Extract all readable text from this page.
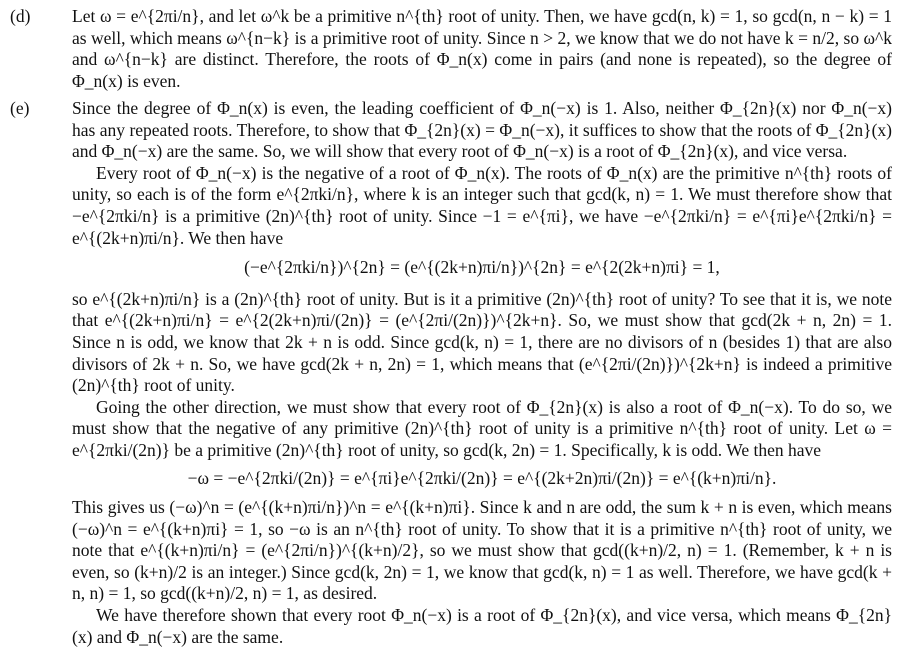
(d) Let ω = e^{2πi/n}, and let ω^k be a primitive n^{th} root of unity. Then, we have gcd(n, k) = 1, so gcd(n, n − k) = 1 as well, which means ω^{n−k} is a primitive root of unity. Since n > 2, we know that we do not have k = n/2, so ω^k and ω^{n−k} are distinct. Therefore, the roots of Φ_n(x) come in pairs (and none is repeated), so the degree of Φ_n(x) is even.

(e) Since the degree of Φ_n(x) is even, the leading coefficient of Φ_n(−x) is 1. Also, neither Φ_{2n}(x) nor Φ_n(−x) has any repeated roots. Therefore, to show that Φ_{2n}(x) = Φ_n(−x), it suffices to show that the roots of Φ_{2n}(x) and Φ_n(−x) are the same. So, we will show that every root of Φ_n(−x) is a root of Φ_{2n}(x), and vice versa.

Every root of Φ_n(−x) is the negative of a root of Φ_n(x). The roots of Φ_n(x) are the primitive n^{th} roots of unity, so each is of the form e^{2πki/n}, where k is an integer such that gcd(k, n) = 1. We must therefore show that −e^{2πki/n} is a primitive (2n)^{th} root of unity. Since −1 = e^{πi}, we have −e^{2πki/n} = e^{πi}e^{2πki/n} = e^{(2k+n)πi/n}. We then have

(−e^{2πki/n})^{2n} = (e^{(2k+n)πi/n})^{2n} = e^{2(2k+n)πi} = 1,

so e^{(2k+n)πi/n} is a (2n)^{th} root of unity. But is it a primitive (2n)^{th} root of unity? To see that it is, we note that e^{(2k+n)πi/n} = e^{2(2k+n)πi/(2n)} = (e^{2πi/(2n)})^{2k+n}. So, we must show that gcd(2k + n, 2n) = 1. Since n is odd, we know that 2k + n is odd. Since gcd(k, n) = 1, there are no divisors of n (besides 1) that are also divisors of 2k + n. So, we have gcd(2k + n, 2n) = 1, which means that (e^{2πi/(2n)})^{2k+n} is indeed a primitive (2n)^{th} root of unity.

Going the other direction, we must show that every root of Φ_{2n}(x) is also a root of Φ_n(−x). To do so, we must show that the negative of any primitive (2n)^{th} root of unity is a primitive n^{th} root of unity. Let ω = e^{2πki/(2n)} be a primitive (2n)^{th} root of unity, so gcd(k, 2n) = 1. Specifically, k is odd. We then have

−ω = −e^{2πki/(2n)} = e^{πi}e^{2πki/(2n)} = e^{(2k+2n)πi/(2n)} = e^{(k+n)πi/n}.

This gives us (−ω)^n = (e^{(k+n)πi/n})^n = e^{(k+n)πi}. Since k and n are odd, the sum k + n is even, which means (−ω)^n = e^{(k+n)πi} = 1, so −ω is an n^{th} root of unity. To show that it is a primitive n^{th} root of unity, we note that e^{(k+n)πi/n} = (e^{2πi/n})^{(k+n)/2}, so we must show that gcd((k+n)/2, n) = 1. (Remember, k + n is even, so (k+n)/2 is an integer.) Since gcd(k, 2n) = 1, we know that gcd(k, n) = 1 as well. Therefore, we have gcd(k + n, n) = 1, so gcd((k+n)/2, n) = 1, as desired.

We have therefore shown that every root Φ_n(−x) is a root of Φ_{2n}(x), and vice versa, which means Φ_{2n}(x) and Φ_n(−x) are the same.
